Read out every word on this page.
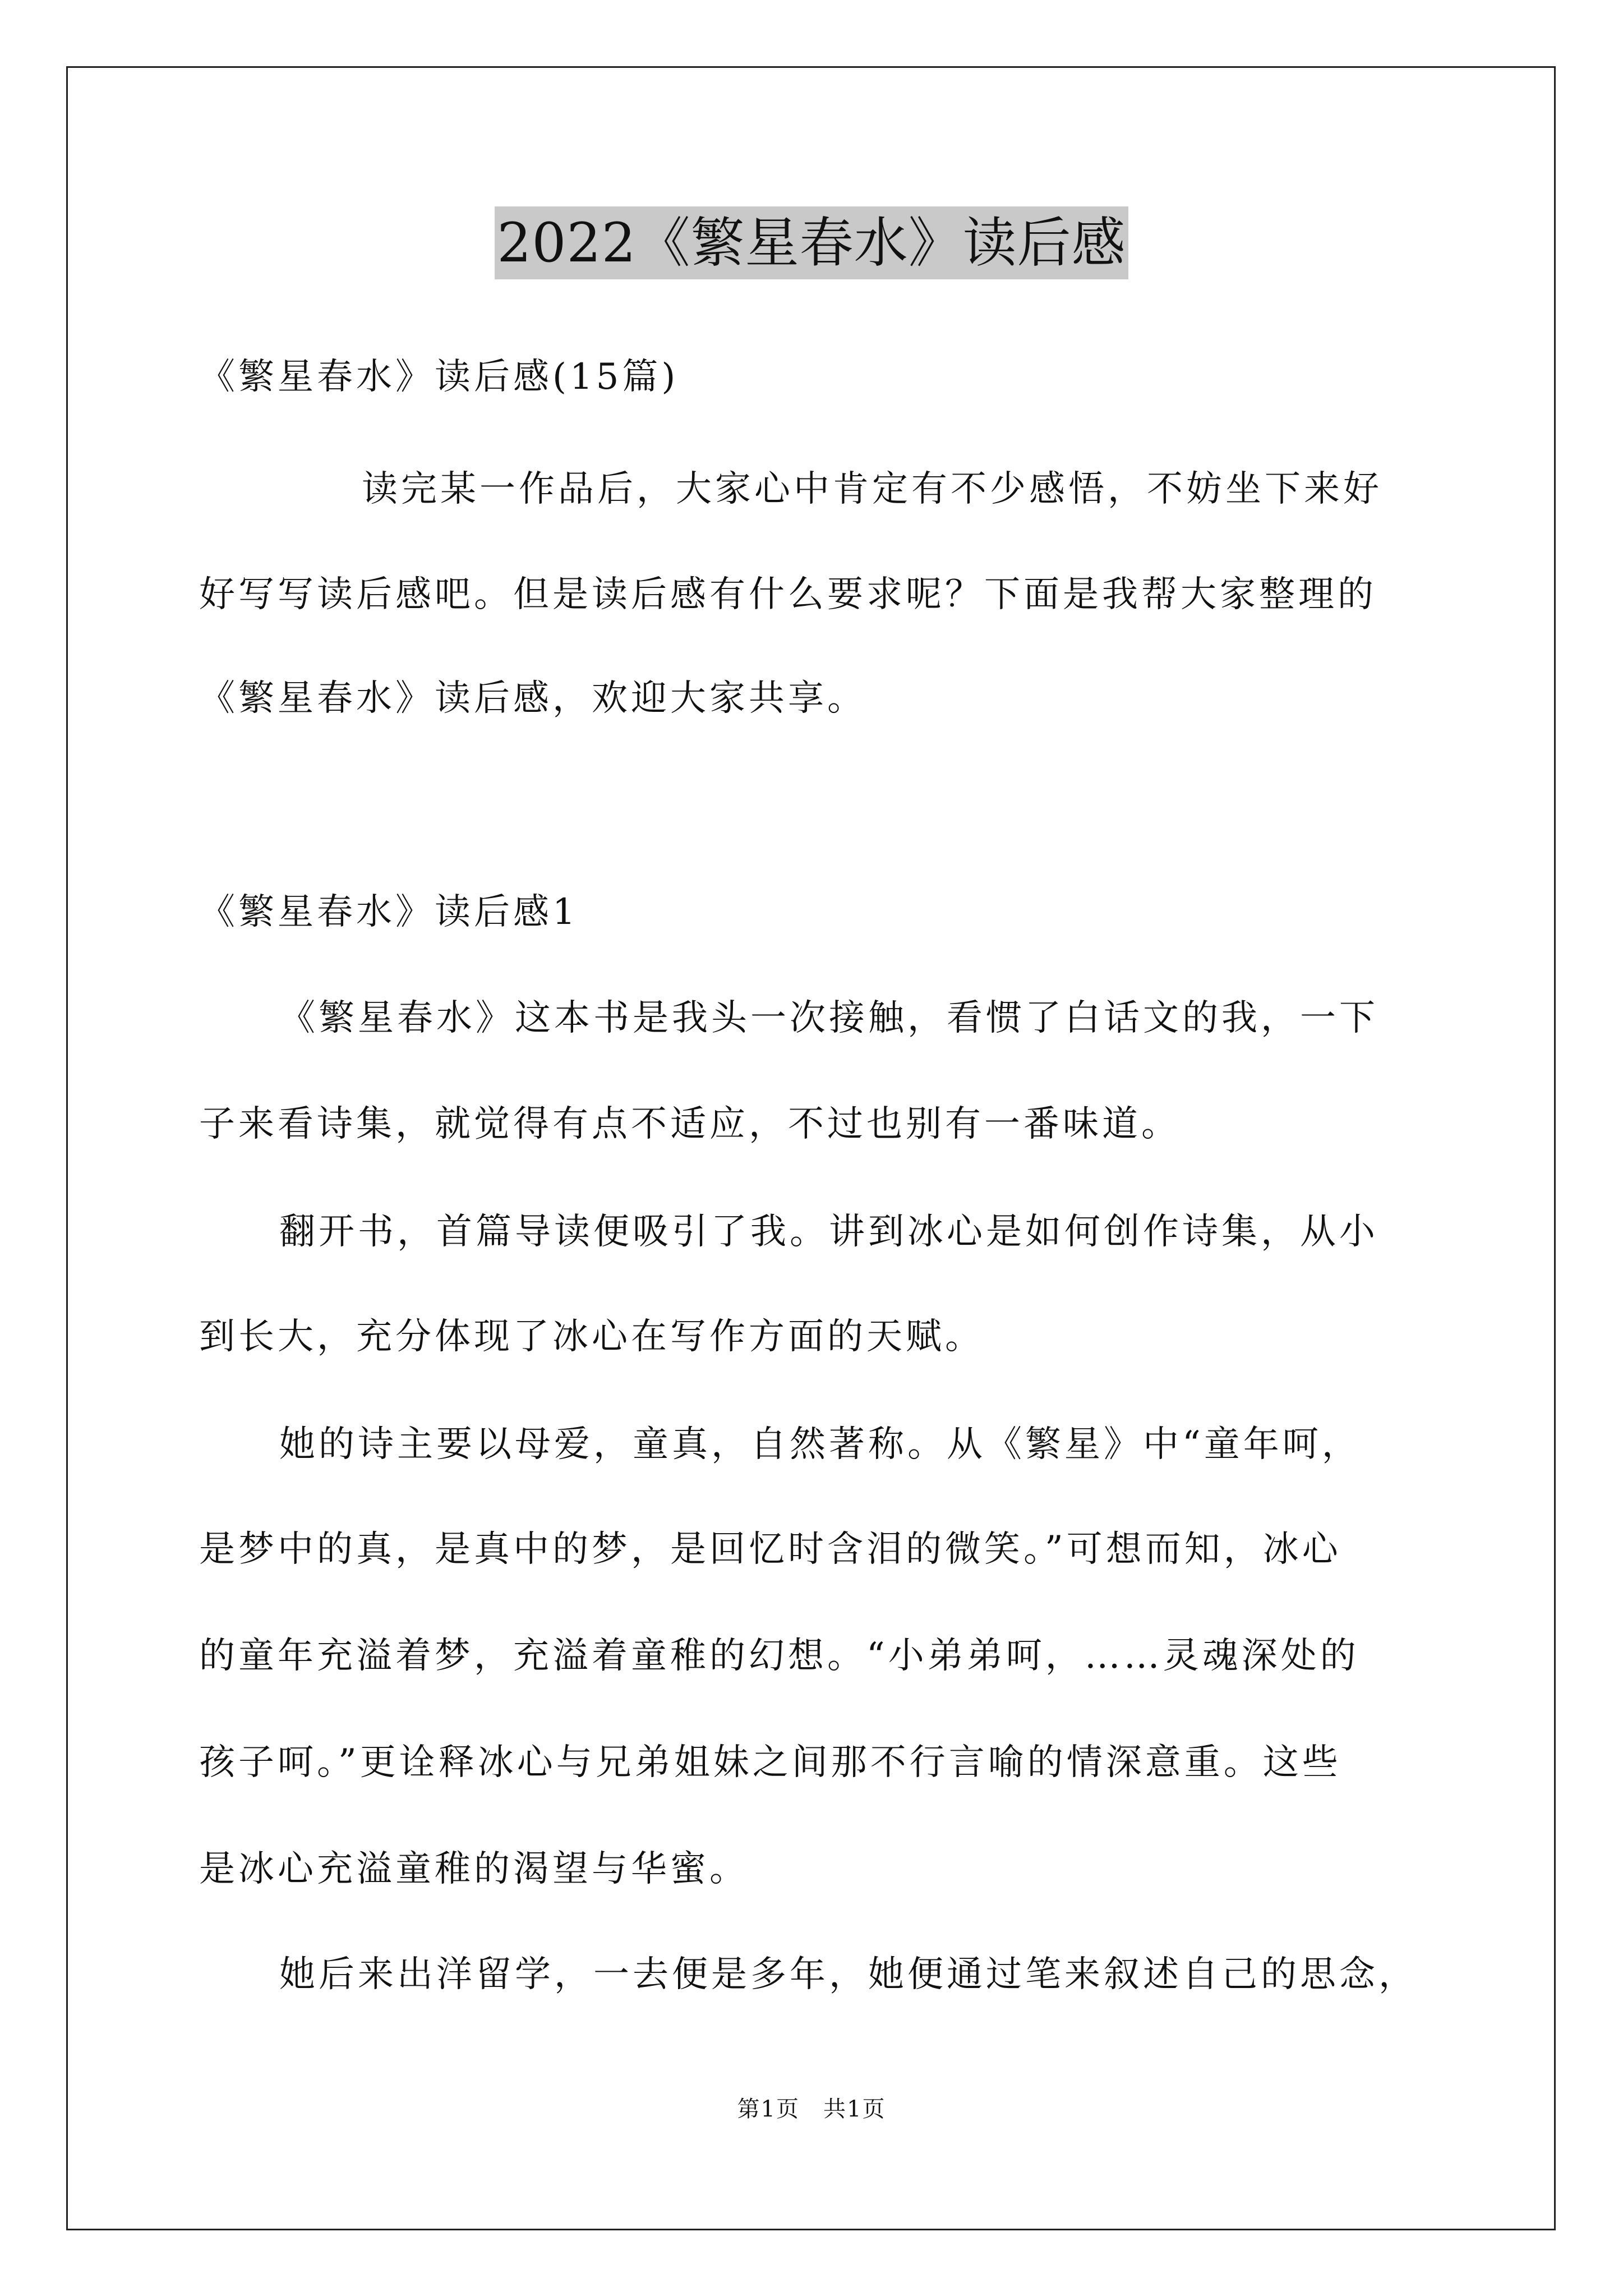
2022《繁星春水》读后感
《繁星春水》读后感(15篇)
读完某一作品后，大家心中肯定有不少感悟，不妨坐下来好
好写写读后感吧。但是读后感有什么要求呢？下面是我帮大家整理的
《繁星春水》读后感，欢迎大家共享。
《繁星春水》读后感1
《繁星春水》这本书是我头一次接触，看惯了白话文的我，一下
子来看诗集，就觉得有点不适应，不过也别有一番味道。
翻开书，首篇导读便吸引了我。讲到冰心是如何创作诗集，从小
到长大，充分体现了冰心在写作方面的天赋。
她的诗主要以母爱，童真，自然著称。从《繁星》中“童年呵，
是梦中的真，是真中的梦，是回忆时含泪的微笑。”可想而知，冰心
的童年充溢着梦，充溢着童稚的幻想。“小弟弟呵，……灵魂深处的
孩子呵。”更诠释冰心与兄弟姐妹之间那不行言喻的情深意重。这些
是冰心充溢童稚的渴望与华蜜。
她后来出洋留学，一去便是多年，她便通过笔来叙述自己的思念，
第1页　共1页
